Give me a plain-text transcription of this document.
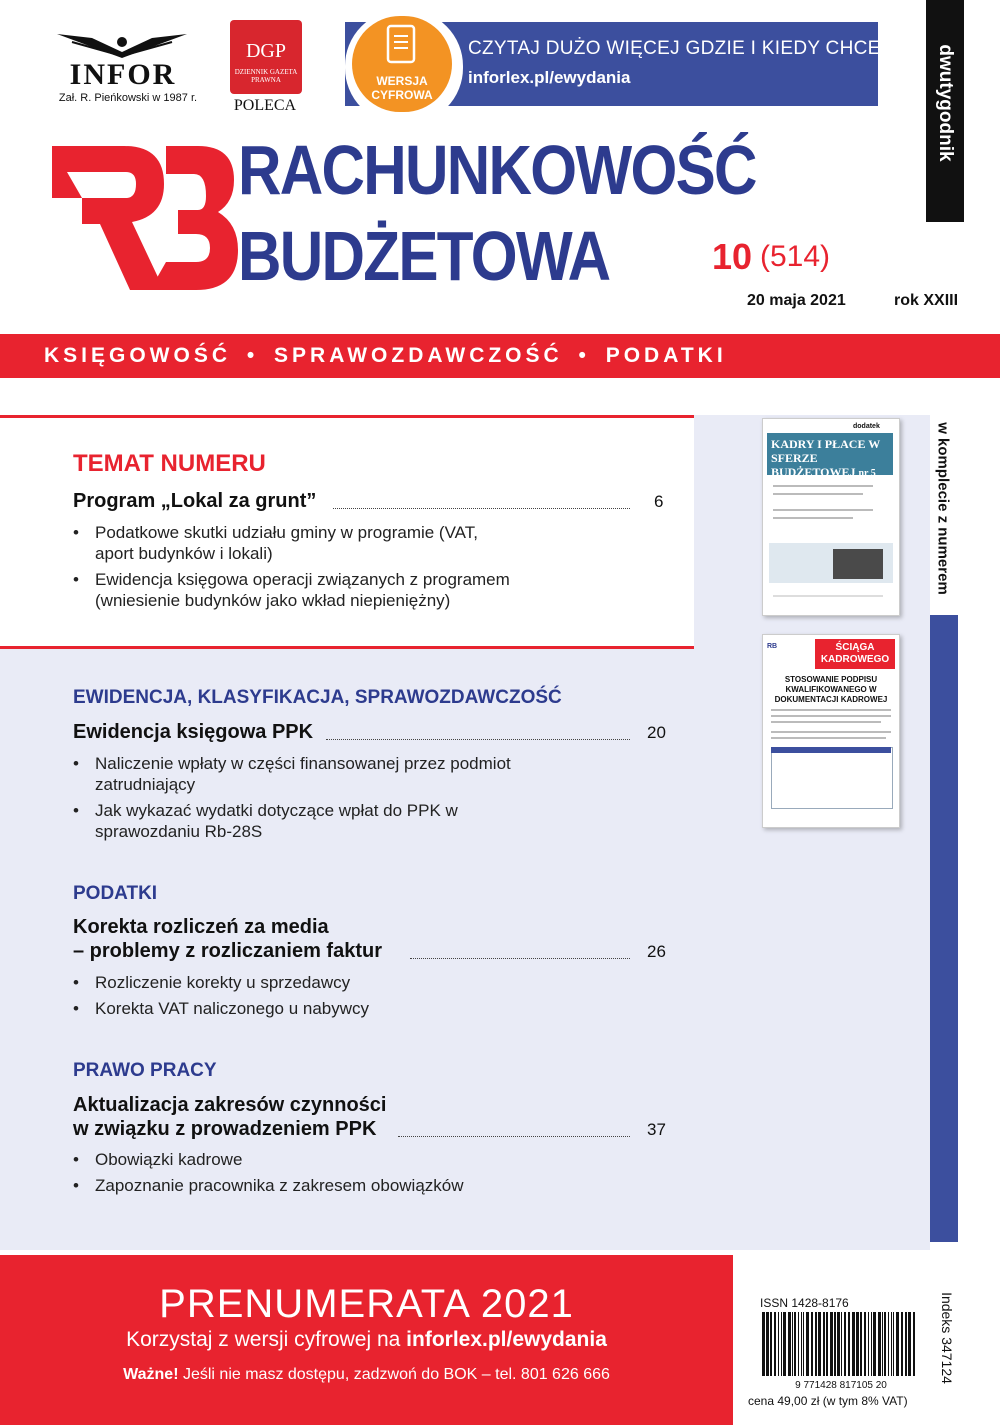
INFOR
Zał. R. Pieńkowski w 1987 r.
DGP
DZIENNIK GAZETA PRAWNA
POLECA
WERSJA CYFROWA
CZYTAJ DUŻO WIĘCEJ GDZIE I KIEDY CHCESZ
inforlex.pl/ewydania	dwutygodnik
RACHUNKOWOŚĆ
BUDŻETOWA	10 (514)
20 maja 2021	rok XXIII
KSIĘGOWOŚĆ • SPRAWOZDAWCZOŚĆ • PODATKI
w komplecie z numerem
TEMAT NUMERU
Program „Lokal za grunt”	6
• Podatkowe skutki udziału gminy w programie (VAT, aport budynków i lokali)
• Ewidencja księgowa operacji związanych z programem (wniesienie budynków jako wkład niepieniężny)
EWIDENCJA, KLASYFIKACJA, SPRAWOZDAWCZOŚĆ
Ewidencja księgowa PPK	20
• Naliczenie wpłaty w części finansowanej przez podmiot zatrudniający
• Jak wykazać wydatki dotyczące wpłat do PPK w sprawozdaniu Rb-28S
PODATKI
Korekta rozliczeń za media
– problemy z rozliczaniem faktur	26
• Rozliczenie korekty u sprzedawcy
• Korekta VAT naliczonego u nabywcy
PRAWO PRACY
Aktualizacja zakresów czynności
w związku z prowadzeniem PPK	37
• Obowiązki kadrowe
• Zapoznanie pracownika z zakresem obowiązków
dodatek
KADRY I PŁACE W SFERZE BUDŻETOWEJ nr 5
RB	ŚCIĄGA KADROWEGO
STOSOWANIE PODPISU KWALIFIKOWANEGO W DOKUMENTACJI KADROWEJ
PRENUMERATA 2021
Korzystaj z wersji cyfrowej na inforlex.pl/ewydania
Ważne! Jeśli nie masz dostępu, zadzwoń do BOK – tel. 801 626 666
ISSN 1428-8176
9 771428 817105 20
cena 49,00 zł (w tym 8% VAT)
Indeks 347124
